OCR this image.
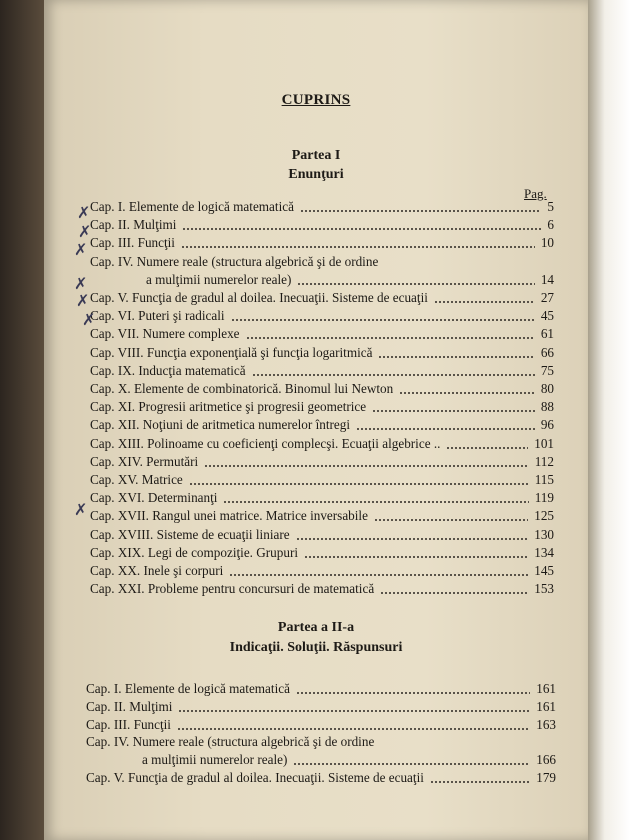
CUPRINS
Partea I
Enunţuri
Pag.
Cap. I. Elemente de logică matematică	5
Cap. II. Mulţimi	6
Cap. III. Funcţii	10
Cap. IV. Numere reale (structura algebrică şi de ordine
a mulţimii numerelor reale)	14
Cap. V. Funcţia de gradul al doilea. Inecuaţii. Sisteme de ecuaţii	27
Cap. VI. Puteri şi radicali	45
Cap. VII. Numere complexe	61
Cap. VIII. Funcţia exponenţială şi funcţia logaritmică	66
Cap. IX. Inducţia matematică	75
Cap. X. Elemente de combinatorică. Binomul lui Newton	80
Cap. XI. Progresii aritmetice şi progresii geometrice	88
Cap. XII. Noţiuni de aritmetica numerelor întregi	96
Cap. XIII. Polinoame cu coeficienţi complecşi. Ecuaţii algebrice ..	101
Cap. XIV. Permutări	112
Cap. XV. Matrice	115
Cap. XVI. Determinanţi	119
Cap. XVII. Rangul unei matrice. Matrice inversabile	125
Cap. XVIII. Sisteme de ecuaţii liniare	130
Cap. XIX. Legi de compoziţie. Grupuri	134
Cap. XX. Inele şi corpuri	145
Cap. XXI. Probleme pentru concursuri de matematică	153
Partea a II-a
Indicaţii. Soluţii. Răspunsuri
Cap. I. Elemente de logică matematică	161
Cap. II. Mulţimi	161
Cap. III. Funcţii	163
Cap. IV. Numere reale (structura algebrică şi de ordine
a mulţimii numerelor reale)	166
Cap. V. Funcţia de gradul al doilea. Inecuaţii. Sisteme de ecuaţii	179
✗
✗
✗
✗
✗
✗
✗
